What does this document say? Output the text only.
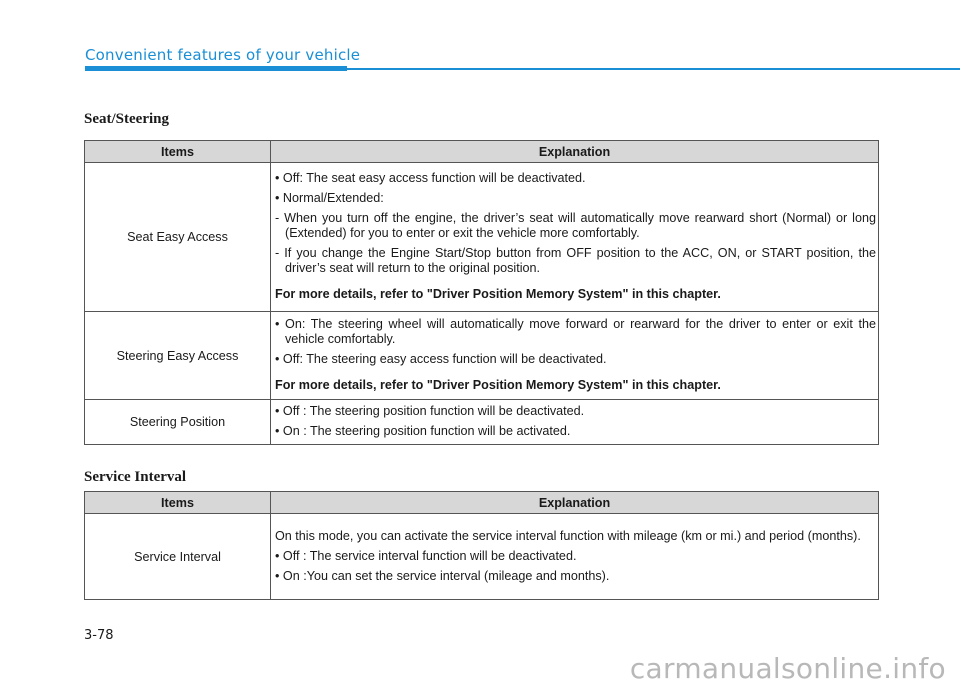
Convenient features of your vehicle
Seat/Steering
Items	Explanation
Seat Easy Access	• Off: The seat easy access function will be deactivated.
• Normal/Extended:
- When you turn off the engine, the driver’s seat will automatically move rearward short (Normal) or long (Extended) for you to enter or exit the vehicle more comfortably.
- If you change the Engine Start/Stop button from OFF position to the ACC, ON, or START position, the driver’s seat will return to the original position.
For more details, refer to "Driver Position Memory System" in this chapter.

Steering Easy Access	• On: The steering wheel will automatically move forward or rearward for the driver to enter or exit the vehicle comfortably.
• Off: The steering easy access function will be deactivated.
For more details, refer to "Driver Position Memory System" in this chapter.

Steering Position	• Off : The steering position function will be deactivated.
• On : The steering position function will be activated.
Service Interval
Items	Explanation
Service Interval	On this mode, you can activate the service interval function with mileage (km or mi.) and period (months).
• Off : The service interval function will be deactivated.
• On :You can set the service interval (mileage and months).
3-78
carmanualsonline.info
